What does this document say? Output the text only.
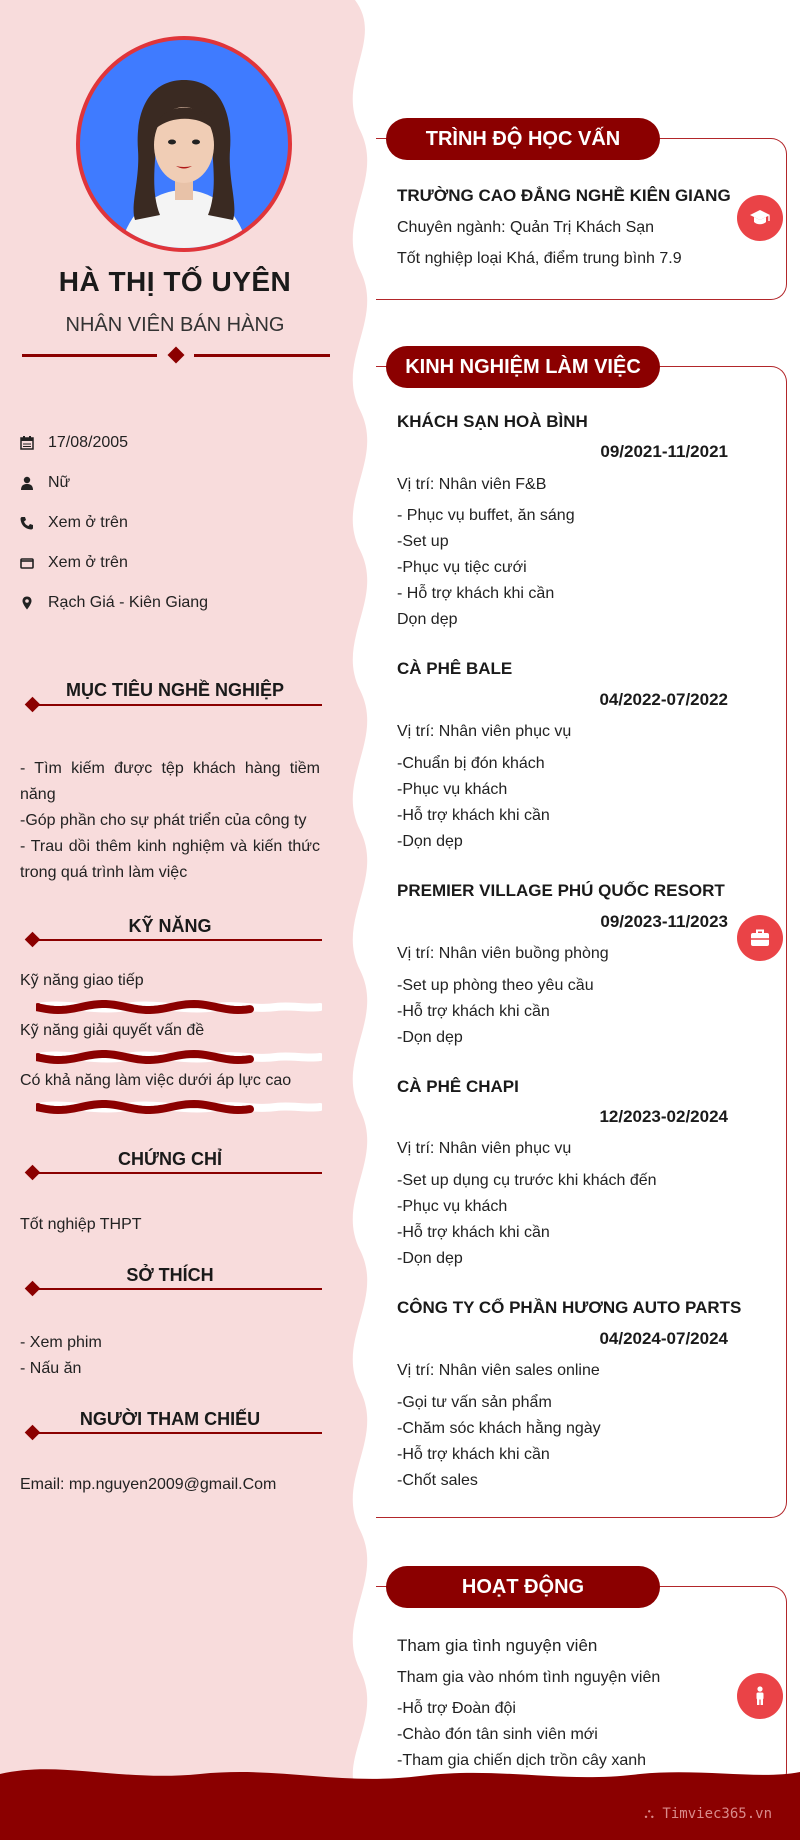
HÀ THỊ TỐ UYÊN
NHÂN VIÊN BÁN HÀNG
17/08/2005
Nữ
Xem ở trên
Xem ở trên
Rạch Giá - Kiên Giang
MỤC TIÊU NGHỀ NGHIỆP
- Tìm kiếm được tệp khách hàng tiềm năng
-Góp phần cho sự phát triển của công ty
- Trau dồi thêm kinh nghiệm và kiến thức trong quá trình làm việc
KỸ NĂNG
Kỹ năng giao tiếp
Kỹ năng giải quyết vấn đề
Có khả năng làm việc dưới áp lực cao
CHỨNG CHỈ
Tốt nghiệp THPT
SỞ THÍCH
- Xem phim
- Nấu ăn
NGƯỜI THAM CHIẾU
Email: mp.nguyen2009@gmail.Com
TRÌNH ĐỘ HỌC VẤN
TRƯỜNG CAO ĐẲNG NGHỀ KIÊN GIANG
Chuyên ngành: Quản Trị Khách Sạn
Tốt nghiệp loại Khá, điểm trung bình 7.9
KINH NGHIỆM LÀM VIỆC
KHÁCH SẠN HOÀ BÌNH
09/2021-11/2021
Vị trí: Nhân viên F&B
- Phục vụ buffet, ăn sáng
-Set up
-Phục vụ tiệc cưới
- Hỗ trợ khách khi cần
Dọn dẹp
CÀ PHÊ BALE
04/2022-07/2022
Vị trí: Nhân viên phục vụ
-Chuẩn bị đón khách
-Phục vụ khách
-Hỗ trợ khách khi cần
-Dọn dẹp
PREMIER VILLAGE PHÚ QUỐC RESORT
09/2023-11/2023
Vị trí: Nhân viên buồng phòng
-Set up phòng theo yêu cầu
-Hỗ trợ khách khi cần
-Dọn dẹp
CÀ PHÊ CHAPI
12/2023-02/2024
Vị trí: Nhân viên phục vụ
-Set up dụng cụ trước khi khách đến
-Phục vụ khách
-Hỗ trợ khách khi cần
-Dọn dẹp
CÔNG TY CỔ PHẦN HƯƠNG AUTO PARTS
04/2024-07/2024
Vị trí: Nhân viên sales online
-Gọi tư vấn sản phẩm
-Chăm sóc khách hằng ngày
-Hỗ trợ khách khi cần
-Chốt sales
HOẠT ĐỘNG
Tham gia tình nguyện viên
Tham gia vào nhóm tình nguyện viên
-Hỗ trợ Đoàn đội
-Chào đón tân sinh viên mới
-Tham gia chiến dịch trồn cây xanh
⛬ Timviec365.vn
